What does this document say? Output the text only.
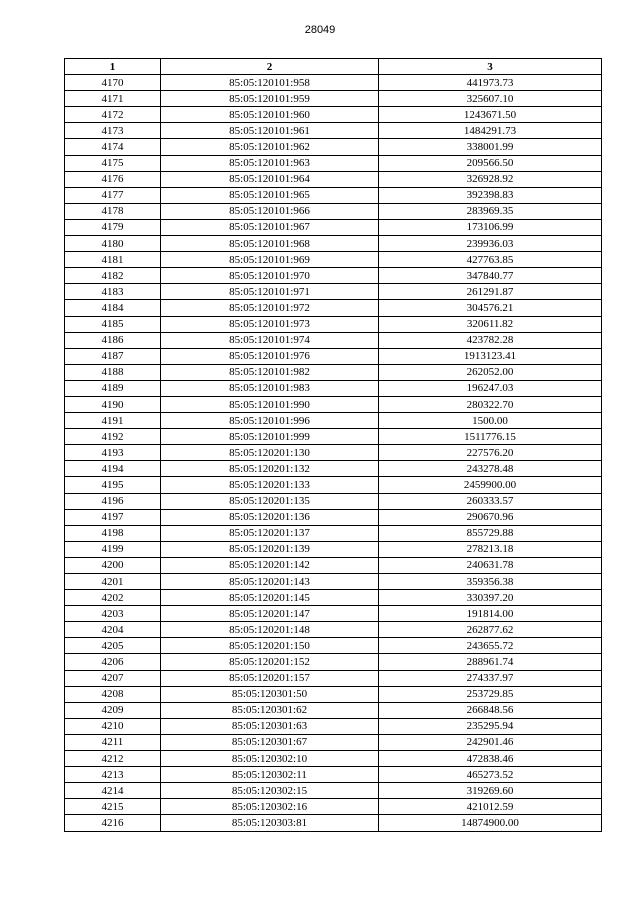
28049
1	2	3
4170	85:05:120101:958	441973.73
4171	85:05:120101:959	325607.10
4172	85:05:120101:960	1243671.50
4173	85:05:120101:961	1484291.73
4174	85:05:120101:962	338001.99
4175	85:05:120101:963	209566.50
4176	85:05:120101:964	326928.92
4177	85:05:120101:965	392398.83
4178	85:05:120101:966	283969.35
4179	85:05:120101:967	173106.99
4180	85:05:120101:968	239936.03
4181	85:05:120101:969	427763.85
4182	85:05:120101:970	347840.77
4183	85:05:120101:971	261291.87
4184	85:05:120101:972	304576.21
4185	85:05:120101:973	320611.82
4186	85:05:120101:974	423782.28
4187	85:05:120101:976	1913123.41
4188	85:05:120101:982	262052.00
4189	85:05:120101:983	196247.03
4190	85:05:120101:990	280322.70
4191	85:05:120101:996	1500.00
4192	85:05:120101:999	1511776.15
4193	85:05:120201:130	227576.20
4194	85:05:120201:132	243278.48
4195	85:05:120201:133	2459900.00
4196	85:05:120201:135	260333.57
4197	85:05:120201:136	290670.96
4198	85:05:120201:137	855729.88
4199	85:05:120201:139	278213.18
4200	85:05:120201:142	240631.78
4201	85:05:120201:143	359356.38
4202	85:05:120201:145	330397.20
4203	85:05:120201:147	191814.00
4204	85:05:120201:148	262877.62
4205	85:05:120201:150	243655.72
4206	85:05:120201:152	288961.74
4207	85:05:120201:157	274337.97
4208	85:05:120301:50	253729.85
4209	85:05:120301:62	266848.56
4210	85:05:120301:63	235295.94
4211	85:05:120301:67	242901.46
4212	85:05:120302:10	472838.46
4213	85:05:120302:11	465273.52
4214	85:05:120302:15	319269.60
4215	85:05:120302:16	421012.59
4216	85:05:120303:81	14874900.00
